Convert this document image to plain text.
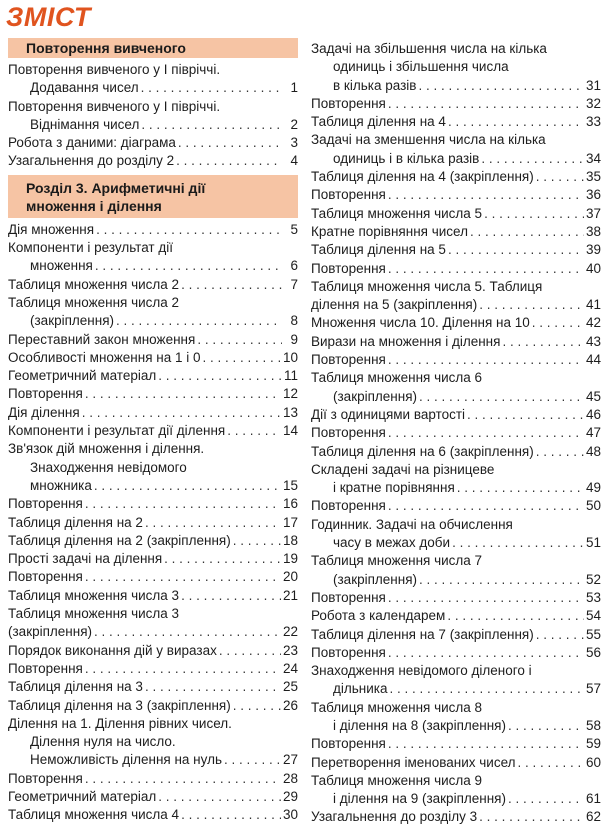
ЗМІСТ
Повторення вивченого
Повторення вивченого у І півріччі.
Додавання чисел . . .	1
Повторення вивченого у І півріччі.
Віднімання чисел . . .	2
Робота з даними: діаграма . . .	3
Узагальнення до розділу 2 . . .	4
Розділ 3. Арифметичні дії
множення і ділення
Дія множення . . .	5
Компоненти і результат дії
множення . . .	6
Таблиця множення числа 2 . . .	7
Таблиця множення числа 2
(закріплення) . . .	8
Переставний закон множення . . .	9
Особливості множення на 1 і 0 . . .	10
Геометричний матеріал . . .	11
Повторення . . .	12
Дія ділення . . .	13
Компоненти і результат дії ділення . . .	14
Зв'язок дій множення і ділення.
Знаходження невідомого
множника . . .	15
Повторення . . .	16
Таблиця ділення на 2 . . .	17
Таблиця ділення на 2 (закріплення) . . .	18
Прості задачі на ділення . . .	19
Повторення . . .	20
Таблиця множення числа 3 . . .	21
Таблиця множення числа 3
(закріплення) . . .	22
Порядок виконання дій у виразах . . .	23
Повторення . . .	24
Таблиця ділення на 3 . . .	25
Таблиця ділення на 3 (закріплення) . . .	26
Ділення на 1. Ділення рівних чисел.
Ділення нуля на число.
Неможливість ділення на нуль . . .	27
Повторення . . .	28
Геометричний матеріал . . .	29
Таблиця множення числа 4 . . .	30
Задачі на збільшення числа на кілька
одиниць і збільшення числа
в кілька разів . . .	31
Повторення . . .	32
Таблиця ділення на 4 . . .	33
Задачі на зменшення числа на кілька
одиниць і в кілька разів . . .	34
Таблиця ділення на 4 (закріплення) . . .	35
Повторення . . .	36
Таблиця множення числа 5 . . .	37
Кратне порівняння чисел . . .	38
Таблиця ділення на 5 . . .	39
Повторення . . .	40
Таблиця множення числа 5. Таблиця
ділення на 5 (закріплення) . . .	41
Множення числа 10. Ділення на 10 . . .	42
Вирази на множення і ділення . . .	43
Повторення . . .	44
Таблиця множення числа 6
(закріплення) . . .	45
Дії з одиницями вартості . . .	46
Повторення . . .	47
Таблиця ділення на 6 (закріплення) . . .	48
Складені задачі на різницеве
і кратне порівняння . . .	49
Повторення . . .	50
Годинник. Задачі на обчислення
часу в межах доби . . .	51
Таблиця множення числа 7
(закріплення) . . .	52
Повторення . . .	53
Робота з календарем . . .	54
Таблиця ділення на 7 (закріплення) . . .	55
Повторення . . .	56
Знаходження невідомого діленого і
дільника . . .	57
Таблиця множення числа 8
і ділення на 8 (закріплення) . . .	58
Повторення . . .	59
Перетворення іменованих чисел . . .	60
Таблиця множення числа 9
і ділення на 9 (закріплення) . . .	61
Узагальнення до розділу 3 . . .	62
